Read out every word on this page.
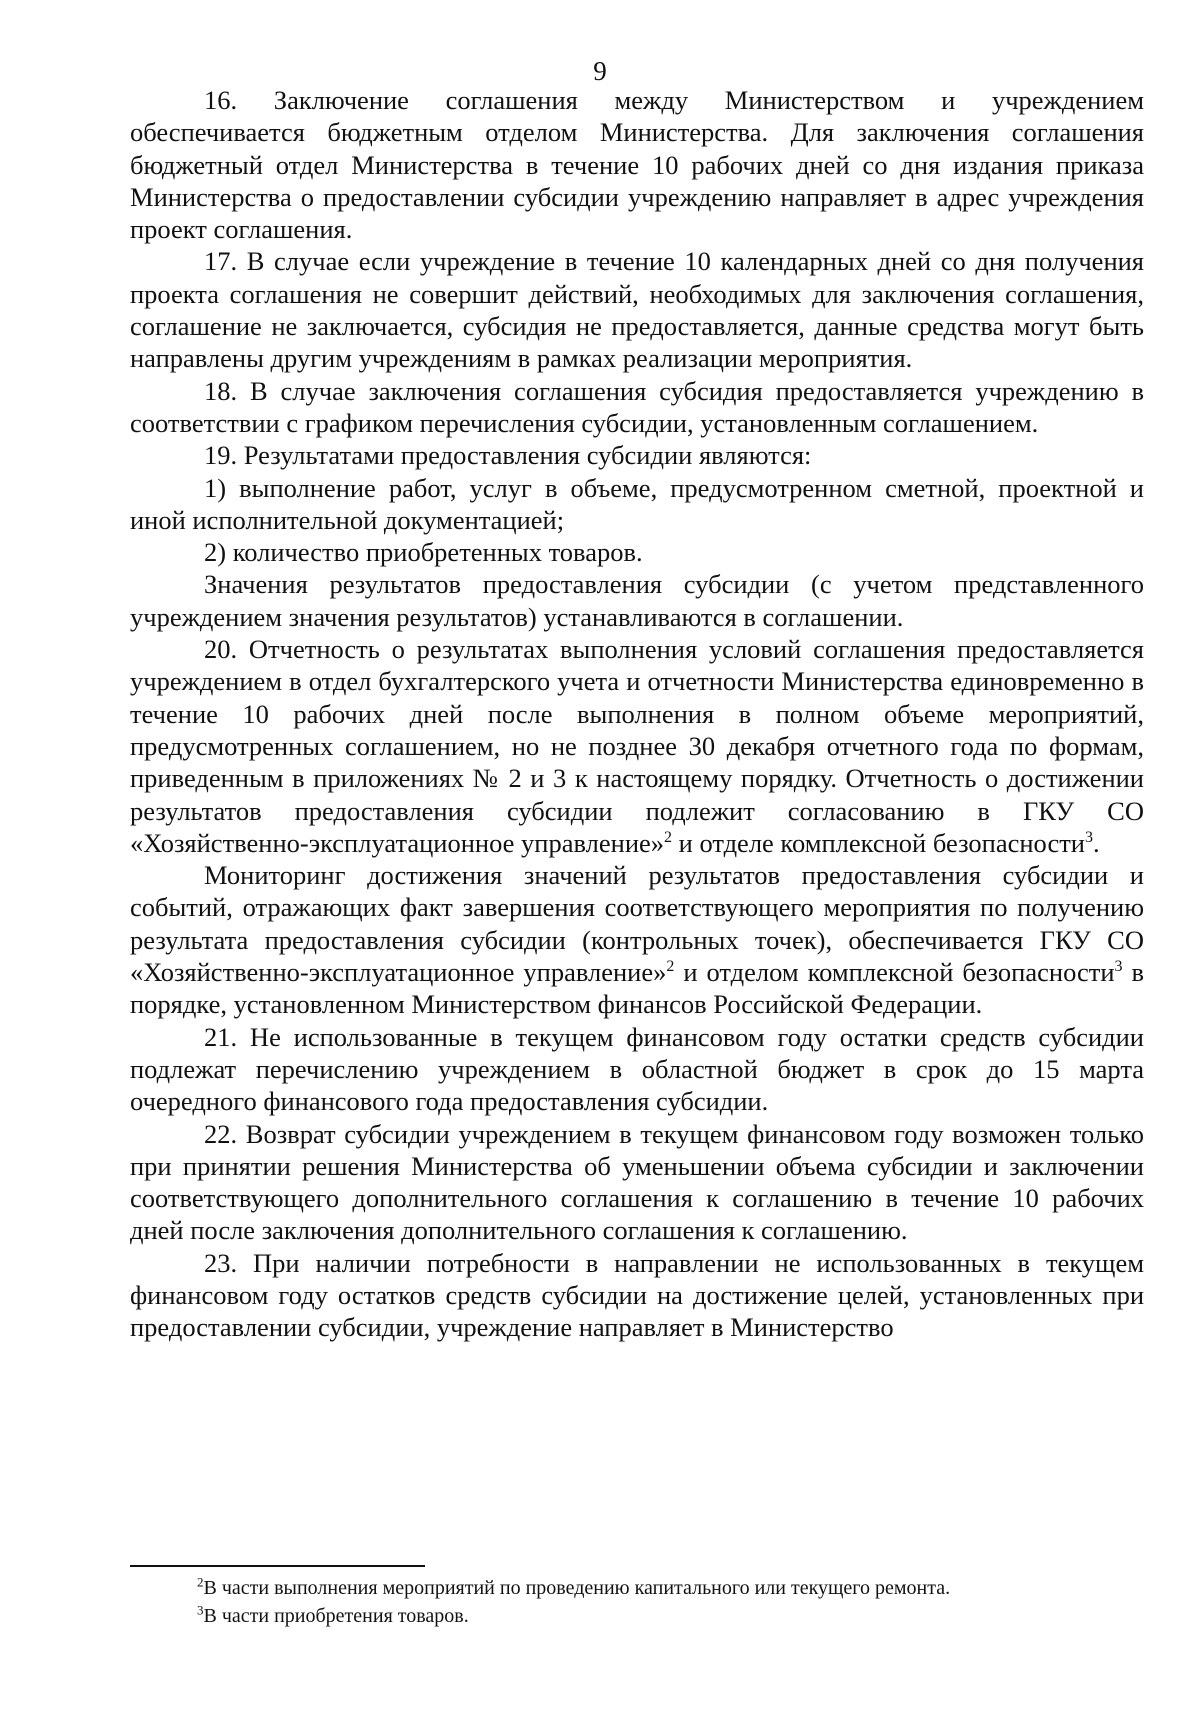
9

16. Заключение соглашения между Министерством и учреждением обеспечивается бюджетным отделом Министерства. Для заключения соглашения бюджетный отдел Министерства в течение 10 рабочих дней со дня издания приказа Министерства о предоставлении субсидии учреждению направляет в адрес учреждения проект соглашения.

17. В случае если учреждение в течение 10 календарных дней со дня получения проекта соглашения не совершит действий, необходимых для заключения соглашения, соглашение не заключается, субсидия не предоставляется, данные средства могут быть направлены другим учреждениям в рамках реализации мероприятия.

18. В случае заключения соглашения субсидия предоставляется учреждению в соответствии с графиком перечисления субсидии, установленным соглашением.

19. Результатами предоставления субсидии являются:

1) выполнение работ, услуг в объеме, предусмотренном сметной, проектной и иной исполнительной документацией;

2) количество приобретенных товаров.

Значения результатов предоставления субсидии (с учетом представленного учреждением значения результатов) устанавливаются в соглашении.

20. Отчетность о результатах выполнения условий соглашения предоставляется учреждением в отдел бухгалтерского учета и отчетности Министерства единовременно в течение 10 рабочих дней после выполнения в полном объеме мероприятий, предусмотренных соглашением, но не позднее 30 декабря отчетного года по формам, приведенным в приложениях № 2 и 3 к настоящему порядку. Отчетность о достижении результатов предоставления субсидии подлежит согласованию в ГКУ СО «Хозяйственно-эксплуатационное управление»$^2$ и отделе комплексной безопасности$^3$.

Мониторинг достижения значений результатов предоставления субсидии и событий, отражающих факт завершения соответствующего мероприятия по получению результата предоставления субсидии (контрольных точек), обеспечивается ГКУ СО «Хозяйственно-эксплуатационное управление»$^2$ и отделом комплексной безопасности$^3$ в порядке, установленном Министерством финансов Российской Федерации.

21. Не использованные в текущем финансовом году остатки средств субсидии подлежат перечислению учреждением в областной бюджет в срок до 15 марта очередного финансового года предоставления субсидии.

22. Возврат субсидии учреждением в текущем финансовом году возможен только при принятии решения Министерства об уменьшении объема субсидии и заключении соответствующего дополнительного соглашения к соглашению в течение 10 рабочих дней после заключения дополнительного соглашения к соглашению.

23. При наличии потребности в направлении не использованных в текущем финансовом году остатков средств субсидии на достижение целей, установленных при предоставлении субсидии, учреждение направляет в Министерство

$^2$В части выполнения мероприятий по проведению капитального или текущего ремонта.
$^3$В части приобретения товаров.
